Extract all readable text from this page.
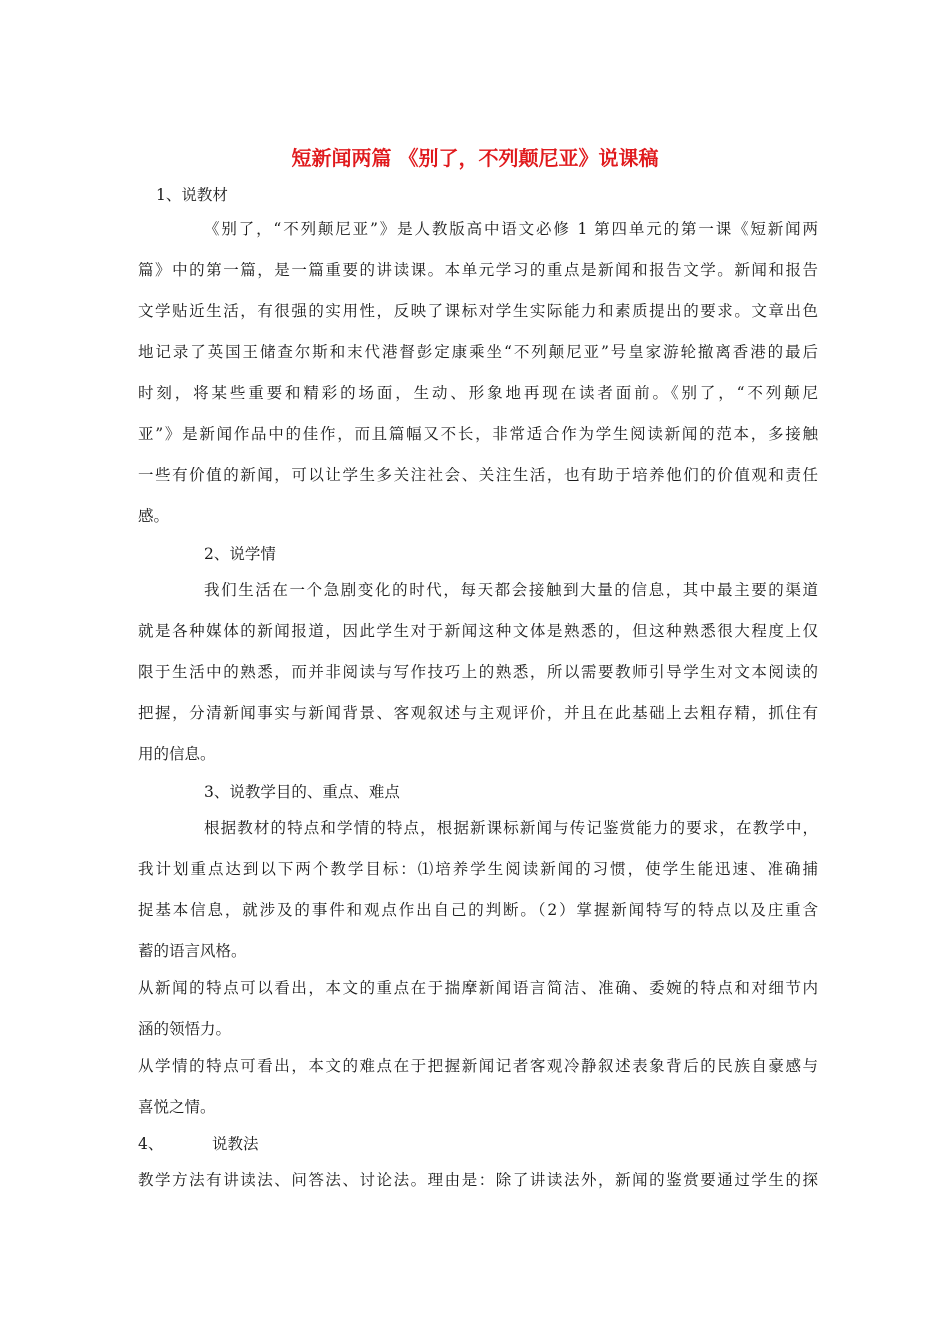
短新闻两篇 《别了，不列颠尼亚》说课稿
1、说教材
《别了，“不列颠尼亚”》是人教版高中语文必修 1 第四单元的第一课《短新闻两
篇》中的第一篇，是一篇重要的讲读课。本单元学习的重点是新闻和报告文学。新闻和报告
文学贴近生活，有很强的实用性，反映了课标对学生实际能力和素质提出的要求。文章出色
地记录了英国王储查尔斯和末代港督彭定康乘坐“不列颠尼亚”号皇家游轮撤离香港的最后
时刻，将某些重要和精彩的场面，生动、形象地再现在读者面前。《别了，“不列颠尼
亚”》是新闻作品中的佳作，而且篇幅又不长，非常适合作为学生阅读新闻的范本，多接触
一些有价值的新闻，可以让学生多关注社会、关注生活，也有助于培养他们的价值观和责任
感。
2、说学情
我们生活在一个急剧变化的时代，每天都会接触到大量的信息，其中最主要的渠道
就是各种媒体的新闻报道，因此学生对于新闻这种文体是熟悉的，但这种熟悉很大程度上仅
限于生活中的熟悉，而并非阅读与写作技巧上的熟悉，所以需要教师引导学生对文本阅读的
把握，分清新闻事实与新闻背景、客观叙述与主观评价，并且在此基础上去粗存精，抓住有
用的信息。
3、说教学目的、重点、难点
根据教材的特点和学情的特点，根据新课标新闻与传记鉴赏能力的要求，在教学中，
我计划重点达到以下两个教学目标：⑴培养学生阅读新闻的习惯，使学生能迅速、准确捕
捉基本信息，就涉及的事件和观点作出自己的判断。（2）掌握新闻特写的特点以及庄重含
蓄的语言风格。
从新闻的特点可以看出，本文的重点在于揣摩新闻语言简洁、准确、委婉的特点和对细节内
涵的领悟力。
从学情的特点可看出，本文的难点在于把握新闻记者客观冷静叙述表象背后的民族自豪感与
喜悦之情。
4、	说教法
教学方法有讲读法、问答法、讨论法。理由是：除了讲读法外，新闻的鉴赏要通过学生的探
